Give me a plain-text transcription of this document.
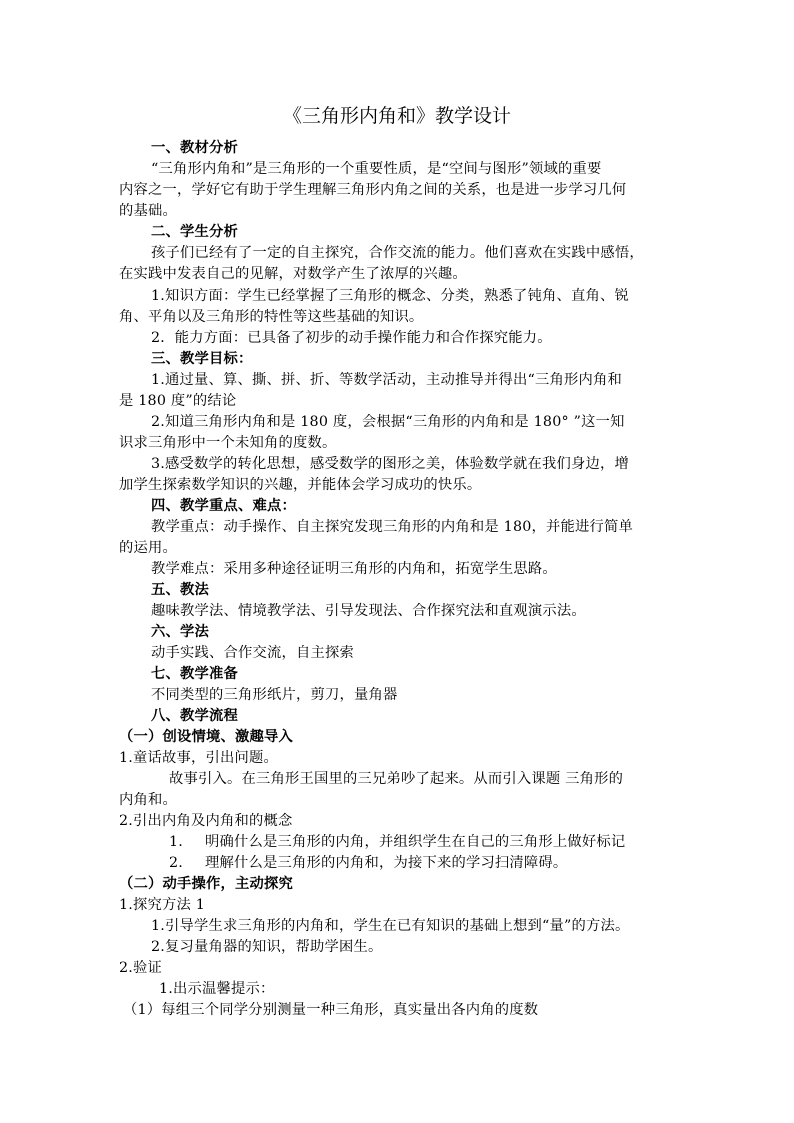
《三角形内角和》教学设计
一、教材分析
“三角形内角和”是三角形的一个重要性质，是“空间与图形”领域的重要
内容之一，学好它有助于学生理解三角形内角之间的关系，也是进一步学习几何
的基础。
二、学生分析
孩子们已经有了一定的自主探究，合作交流的能力。他们喜欢在实践中感悟，
在实践中发表自己的见解，对数学产生了浓厚的兴趣。
1.知识方面：学生已经掌握了三角形的概念、分类，熟悉了钝角、直角、锐
角、平角以及三角形的特性等这些基础的知识。
2．能力方面：已具备了初步的动手操作能力和合作探究能力。
三、教学目标：
1.通过量、算、撕、拼、折、等数学活动，主动推导并得出“三角形内角和
是 180 度”的结论
2.知道三角形内角和是 180 度，会根据“三角形的内角和是 180° ”这一知
识求三角形中一个未知角的度数。
3.感受数学的转化思想，感受数学的图形之美，体验数学就在我们身边，增
加学生探索数学知识的兴趣，并能体会学习成功的快乐。
四、教学重点、难点：
教学重点：动手操作、自主探究发现三角形的内角和是 180，并能进行简单
的运用。
教学难点：采用多种途径证明三角形的内角和，拓宽学生思路。
五、教法
趣味教学法、情境教学法、引导发现法、合作探究法和直观演示法。
六、学法
动手实践、合作交流，自主探索
七、教学准备
不同类型的三角形纸片，剪刀，量角器
八、教学流程
（一）创设情境、激趣导入
1.童话故事，引出问题。
故事引入。在三角形王国里的三兄弟吵了起来。从而引入课题 三角形的
内角和。
2.引出内角及内角和的概念
1. 明确什么是三角形的内角，并组织学生在自己的三角形上做好标记
2. 理解什么是三角形的内角和，为接下来的学习扫清障碍。
（二）动手操作，主动探究
1.探究方法 1
1.引导学生求三角形的内角和，学生在已有知识的基础上想到“量”的方法。
2.复习量角器的知识，帮助学困生。
2.验证
1.出示温馨提示：
（1）每组三个同学分别测量一种三角形，真实量出各内角的度数
